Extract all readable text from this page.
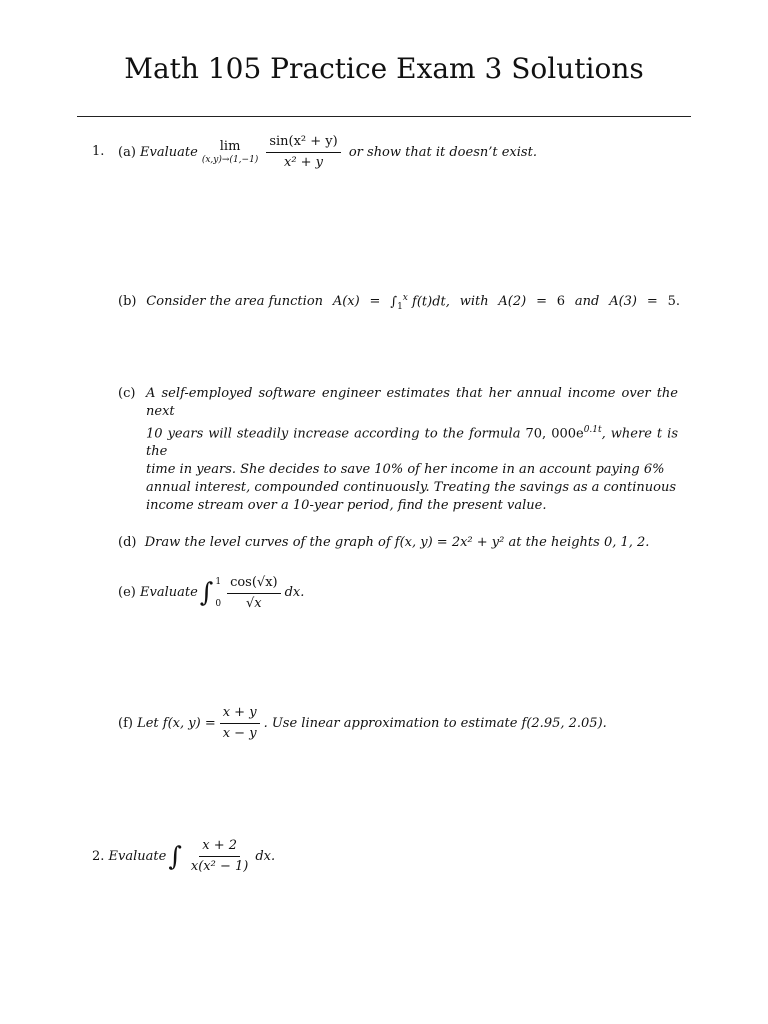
Math 105 Practice Exam 3 Solutions
1. (a)
Evaluate lim
$(x,y)\to(1,-1) \frac{\text{sin(x² + y)}}{\text{x² + y}}$
or show that it doesn’t exist.
(b) Consider the area function $A(x) = \int_1^x$ f(t)dt, with A(2) = 6 and A(3) = 5.
(c) A self-employed software engineer estimates that her annual income over the next
10 years will steadily increase according to the formula 70, $000e^{0.1t}$, where t is the
time in years. She decides to save 10% of her income in an account paying 6%
annual interest, compounded continuously. Treating the savings as a continuous
income stream over a 10-year period, find the present value.
(d) Draw the level curves of the graph of f(x, y) = 2x² + y² at the heights 0, 1, 2.
(e)
Evaluate ∫ 1
$0 \frac{\cos(√x)}{√x}$ dx.
(f)
Let f(x, $y) = \frac{x + y}{x - y}$ . Use linear approximation to estimate f(2.95, 2.05).
2.
Evaluate ∫ $\frac{x + 2}{\text{x(x² − 1)}}$ dx.
